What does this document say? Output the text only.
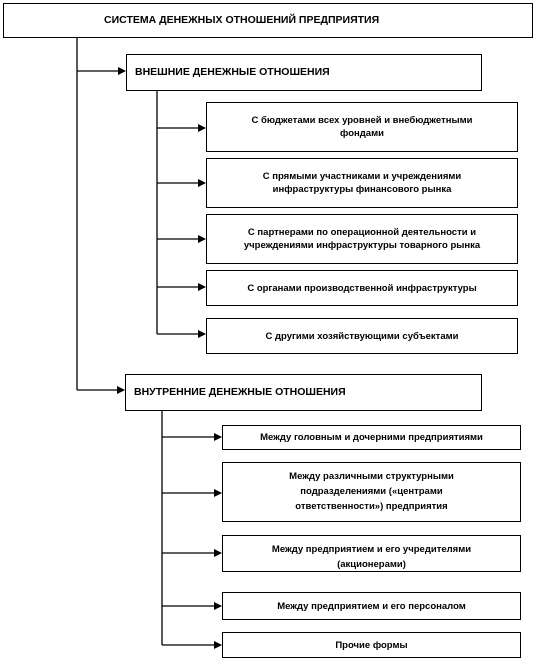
СИСТЕМА ДЕНЕЖНЫХ ОТНОШЕНИЙ ПРЕДПРИЯТИЯ
ВНЕШНИЕ ДЕНЕЖНЫЕ ОТНОШЕНИЯ
С бюджетами всех уровней и внебюджетными фондами
С прямыми участниками и учреждениями инфраструктуры финансового рынка
С партнерами по операционной деятельности и учреждениями инфраструктуры товарного рынка
С органами производственной инфраструктуры
С другими хозяйствующими субъектами
ВНУТРЕННИЕ ДЕНЕЖНЫЕ ОТНОШЕНИЯ
Между головным и дочерними предприятиями
Между различными структурными подразделениями («центрами ответственности») предприятия
Между предприятием и его учредителями (акционерами)
Между предприятием и его персоналом
Прочие формы
